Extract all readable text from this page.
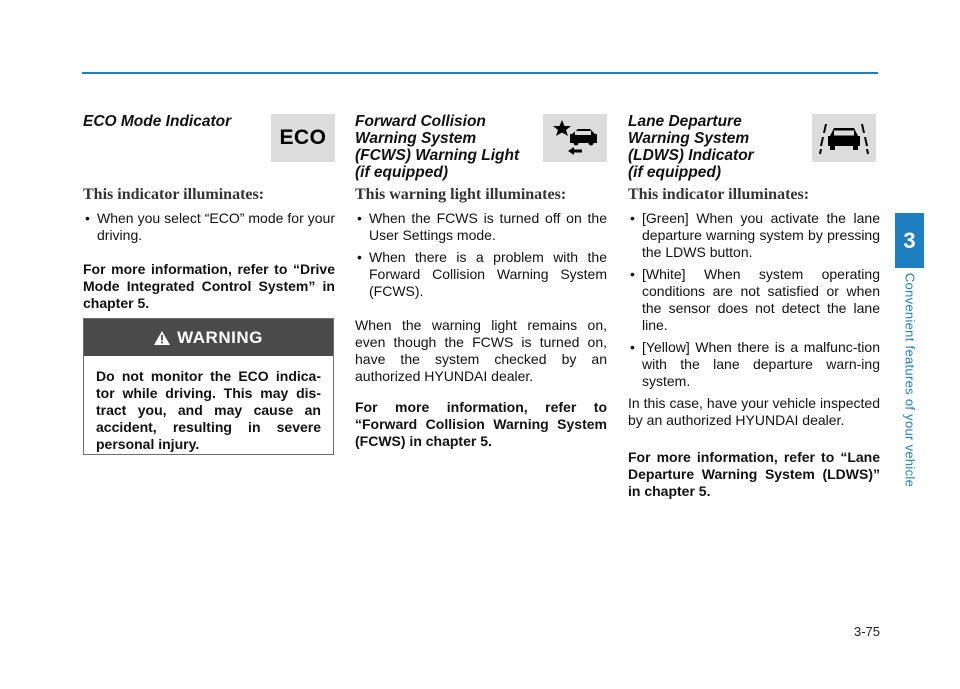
ECO Mode Indicator
ECO

This indicator illuminates:

• When you select “ECO” mode for your driving.

For more information, refer to “Drive Mode Integrated Control System” in chapter 5.

WARNING
Do not monitor the ECO indica-tor while driving. This may dis-tract you, and may cause an accident, resulting in severe personal injury.
Forward Collision
Warning System
(FCWS) Warning Light
(if equipped)

This warning light illuminates:

• When the FCWS is turned off on the User Settings mode.
• When there is a problem with the Forward Collision Warning System (FCWS).

When the warning light remains on, even though the FCWS is turned on, have the system checked by an authorized HYUNDAI dealer.

For more information, refer to “Forward Collision Warning System (FCWS) in chapter 5.

Lane Departure
Warning System
(LDWS) Indicator
(if equipped)

This indicator illuminates:

• [Green] When you activate the lane departure warning system by pressing the LDWS button.
• [White] When system operating conditions are not satisfied or when the sensor does not detect the lane line.
• [Yellow] When there is a malfunc-tion with the lane departure warn-ing system.

In this case, have your vehicle inspected by an authorized HYUNDAI dealer.

For more information, refer to “Lane Departure Warning System (LDWS)” in chapter 5.

3
Convenient features of your vehicle
3-75
